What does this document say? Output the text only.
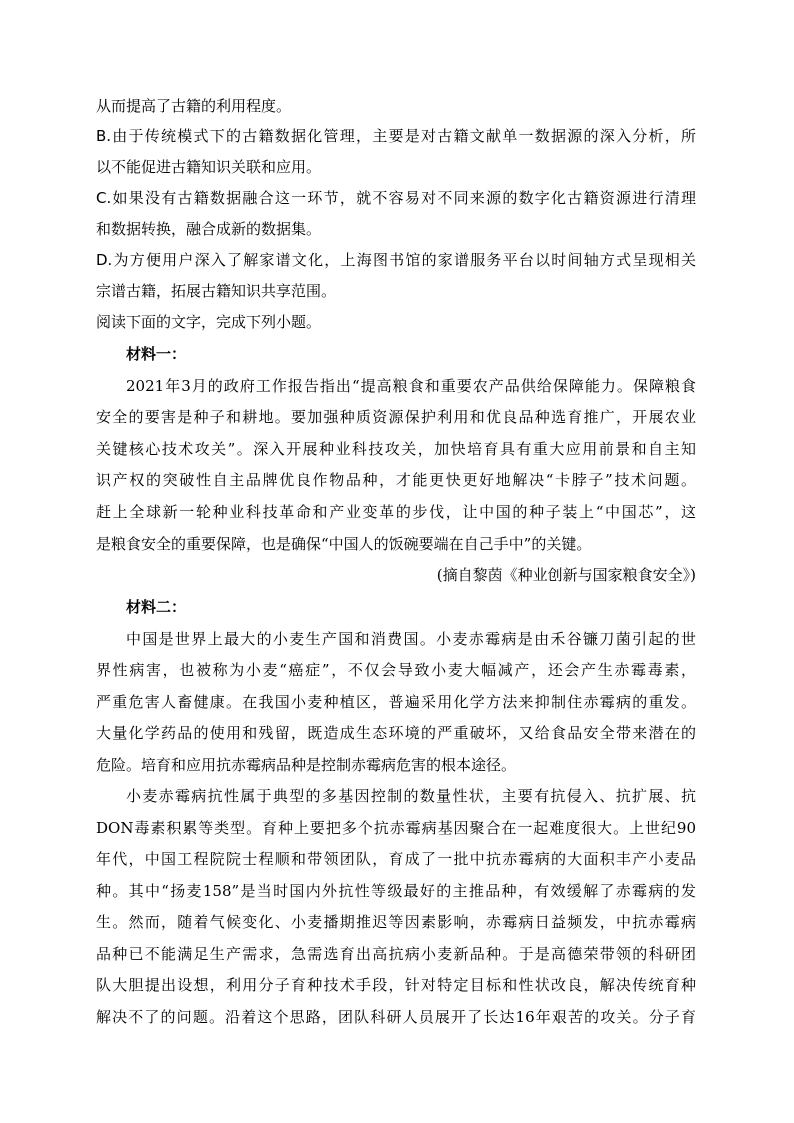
从而提高了古籍的利用程度。
B.由于传统模式下的古籍数据化管理，主要是对古籍文献单一数据源的深入分析，所
以不能促进古籍知识关联和应用。
C.如果没有古籍数据融合这一环节，就不容易对不同来源的数字化古籍资源进行清理
和数据转换，融合成新的数据集。
D.为方便用户深入了解家谱文化，上海图书馆的家谱服务平台以时间轴方式呈现相关
宗谱古籍，拓展古籍知识共享范围。
阅读下面的文字，完成下列小题。
材料一：
2021年3月的政府工作报告指出“提高粮食和重要农产品供给保障能力。保障粮食
安全的要害是种子和耕地。要加强种质资源保护利用和优良品种选育推广，开展农业
关键核心技术攻关”。深入开展种业科技攻关，加快培育具有重大应用前景和自主知
识产权的突破性自主品牌优良作物品种，才能更快更好地解决“卡脖子”技术问题。
赶上全球新一轮种业科技革命和产业变革的步伐，让中国的种子装上“中国芯”，这
是粮食安全的重要保障，也是确保“中国人的饭碗要端在自己手中”的关键。
(摘自黎茵《种业创新与国家粮食安全》)
材料二：
中国是世界上最大的小麦生产国和消费国。小麦赤霉病是由禾谷镰刀菌引起的世
界性病害，也被称为小麦“癌症”，不仅会导致小麦大幅减产，还会产生赤霉毒素，
严重危害人畜健康。在我国小麦种植区，普遍采用化学方法来抑制住赤霉病的重发。
大量化学药品的使用和残留，既造成生态环境的严重破坏，又给食品安全带来潜在的
危险。培育和应用抗赤霉病品种是控制赤霉病危害的根本途径。
小麦赤霉病抗性属于典型的多基因控制的数量性状，主要有抗侵入、抗扩展、抗
DON毒素积累等类型。育种上要把多个抗赤霉病基因聚合在一起难度很大。上世纪90
年代，中国工程院院士程顺和带领团队，育成了一批中抗赤霉病的大面积丰产小麦品
种。其中“扬麦158”是当时国内外抗性等级最好的主推品种，有效缓解了赤霉病的发
生。然而，随着气候变化、小麦播期推迟等因素影响，赤霉病日益频发，中抗赤霉病
品种已不能满足生产需求，急需选育出高抗病小麦新品种。于是高德荣带领的科研团
队大胆提出设想，利用分子育种技术手段，针对特定目标和性状改良，解决传统育种
解决不了的问题。沿着这个思路，团队科研人员展开了长达16年艰苦的攻关。分子育
